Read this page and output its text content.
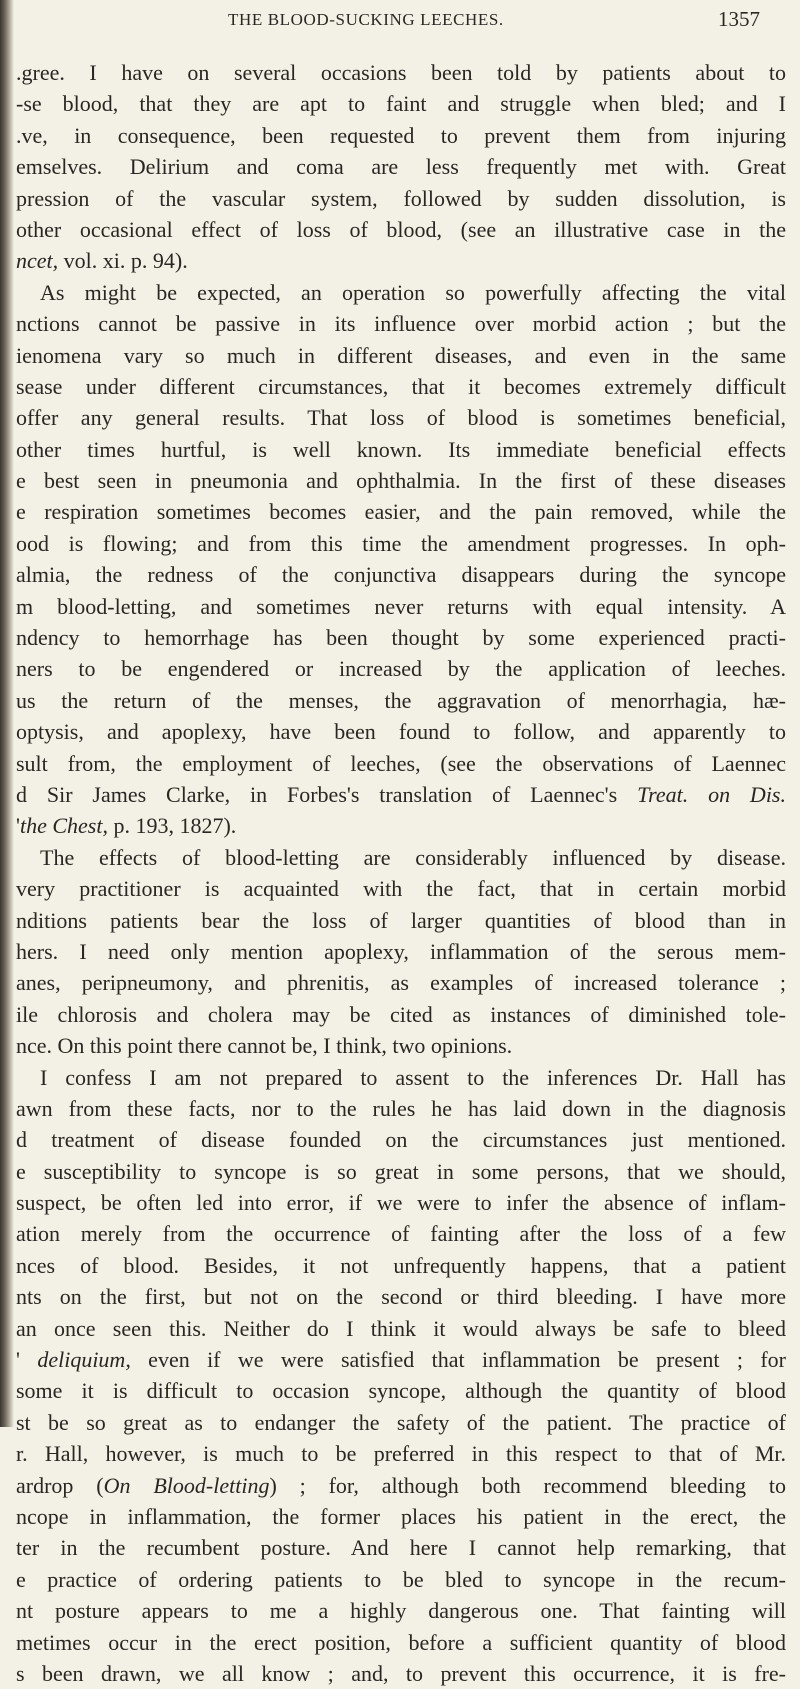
THE BLOOD-SUCKING LEECHES.	1357
.gree. I have on several occasions been told by patients about to
-se blood, that they are apt to faint and struggle when bled; and I
.ve, in consequence, been requested to prevent them from injuring
emselves. Delirium and coma are less frequently met with. Great
pression of the vascular system, followed by sudden dissolution, is
other occasional effect of loss of blood, (see an illustrative case in the
ncet, vol. xi. p. 94).
As might be expected, an operation so powerfully affecting the vital
nctions cannot be passive in its influence over morbid action ; but the
ienomena vary so much in different diseases, and even in the same
sease under different circumstances, that it becomes extremely difficult
offer any general results. That loss of blood is sometimes beneficial,
other times hurtful, is well known. Its immediate beneficial effects
e best seen in pneumonia and ophthalmia. In the first of these diseases
e respiration sometimes becomes easier, and the pain removed, while the
ood is flowing; and from this time the amendment progresses. In oph-
almia, the redness of the conjunctiva disappears during the syncope
m blood-letting, and sometimes never returns with equal intensity. A
ndency to hemorrhage has been thought by some experienced practi-
ners to be engendered or increased by the application of leeches.
us the return of the menses, the aggravation of menorrhagia, hæ-
optysis, and apoplexy, have been found to follow, and apparently to
sult from, the employment of leeches, (see the observations of Laennec
d Sir James Clarke, in Forbes's translation of Laennec's Treat. on Dis.
'the Chest, p. 193, 1827).
The effects of blood-letting are considerably influenced by disease.
very practitioner is acquainted with the fact, that in certain morbid
nditions patients bear the loss of larger quantities of blood than in
hers. I need only mention apoplexy, inflammation of the serous mem-
anes, peripneumony, and phrenitis, as examples of increased tolerance ;
ile chlorosis and cholera may be cited as instances of diminished tole-
nce. On this point there cannot be, I think, two opinions.
I confess I am not prepared to assent to the inferences Dr. Hall has
awn from these facts, nor to the rules he has laid down in the diagnosis
d treatment of disease founded on the circumstances just mentioned.
e susceptibility to syncope is so great in some persons, that we should,
suspect, be often led into error, if we were to infer the absence of inflam-
ation merely from the occurrence of fainting after the loss of a few
nces of blood. Besides, it not unfrequently happens, that a patient
nts on the first, but not on the second or third bleeding. I have more
an once seen this. Neither do I think it would always be safe to bleed
' deliquium, even if we were satisfied that inflammation be present ; for
some it is difficult to occasion syncope, although the quantity of blood
st be so great as to endanger the safety of the patient. The practice of
r. Hall, however, is much to be preferred in this respect to that of Mr.
ardrop (On Blood-letting) ; for, although both recommend bleeding to
ncope in inflammation, the former places his patient in the erect, the
ter in the recumbent posture. And here I cannot help remarking, that
e practice of ordering patients to be bled to syncope in the recum-
nt posture appears to me a highly dangerous one. That fainting will
metimes occur in the erect position, before a sufficient quantity of blood
s been drawn, we all know ; and, to prevent this occurrence, it is fre-
